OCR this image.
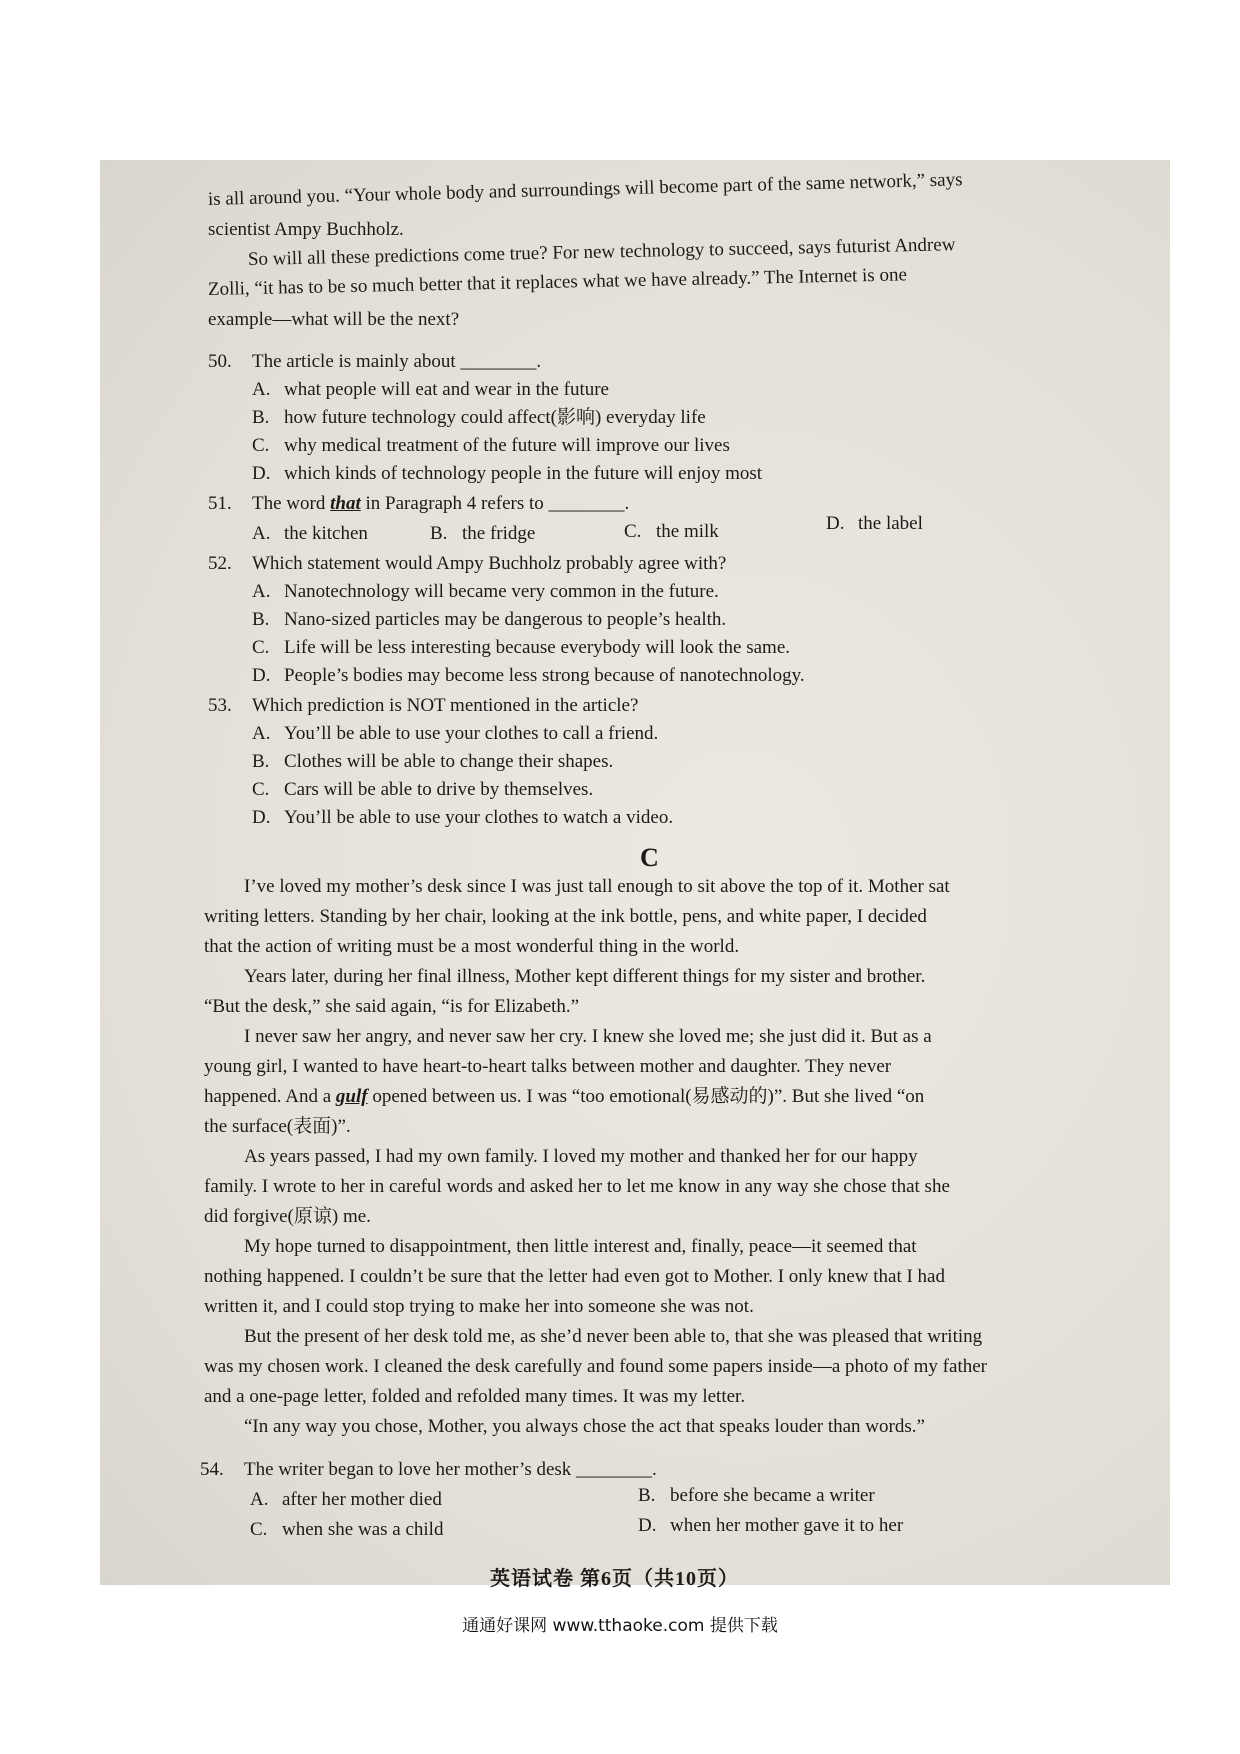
is all around you. “Your whole body and surroundings will become part of the same network,” says
scientist Ampy Buchholz.
So will all these predictions come true? For new technology to succeed, says futurist Andrew
Zolli, “it has to be so much better that it replaces what we have already.” The Internet is one
example—what will be the next?
50. The article is mainly about ________.
A. what people will eat and wear in the future
B. how future technology could affect(影响) everyday life
C. why medical treatment of the future will improve our lives
D. which kinds of technology people in the future will enjoy most
51. The word that in Paragraph 4 refers to ________.
A. the kitchen	B. the fridge	C. the milk	D. the label
52. Which statement would Ampy Buchholz probably agree with?
A. Nanotechnology will became very common in the future.
B. Nano-sized particles may be dangerous to people’s health.
C. Life will be less interesting because everybody will look the same.
D. People’s bodies may become less strong because of nanotechnology.
53. Which prediction is NOT mentioned in the article?
A. You’ll be able to use your clothes to call a friend.
B. Clothes will be able to change their shapes.
C. Cars will be able to drive by themselves.
D. You’ll be able to use your clothes to watch a video.
I’ve loved my mother’s desk since I was just tall enough to sit above the top of it. Mother sat
writing letters. Standing by her chair, looking at the ink bottle, pens, and white paper, I decided
that the action of writing must be a most wonderful thing in the world.
Years later, during her final illness, Mother kept different things for my sister and brother.
“But the desk,” she said again, “is for Elizabeth.”
I never saw her angry, and never saw her cry. I knew she loved me; she just did it. But as a
young girl, I wanted to have heart-to-heart talks between mother and daughter. They never
happened. And a gulf opened between us. I was “too emotional(易感动的)”. But she lived “on
the surface(表面)”.
As years passed, I had my own family. I loved my mother and thanked her for our happy
family. I wrote to her in careful words and asked her to let me know in any way she chose that she
did forgive(原谅) me.
My hope turned to disappointment, then little interest and, finally, peace—it seemed that
nothing happened. I couldn’t be sure that the letter had even got to Mother. I only knew that I had
written it, and I could stop trying to make her into someone she was not.
But the present of her desk told me, as she’d never been able to, that she was pleased that writing
was my chosen work. I cleaned the desk carefully and found some papers inside—a photo of my father
and a one-page letter, folded and refolded many times. It was my letter.
“In any way you chose, Mother, you always chose the act that speaks louder than words.”
54. The writer began to love her mother’s desk ________.
A. after her mother died	B. before she became a writer
C. when she was a child	D. when her mother gave it to her
C
英语试卷 第6页（共10页）
通通好课网 www.tthaoke.com 提供下载
